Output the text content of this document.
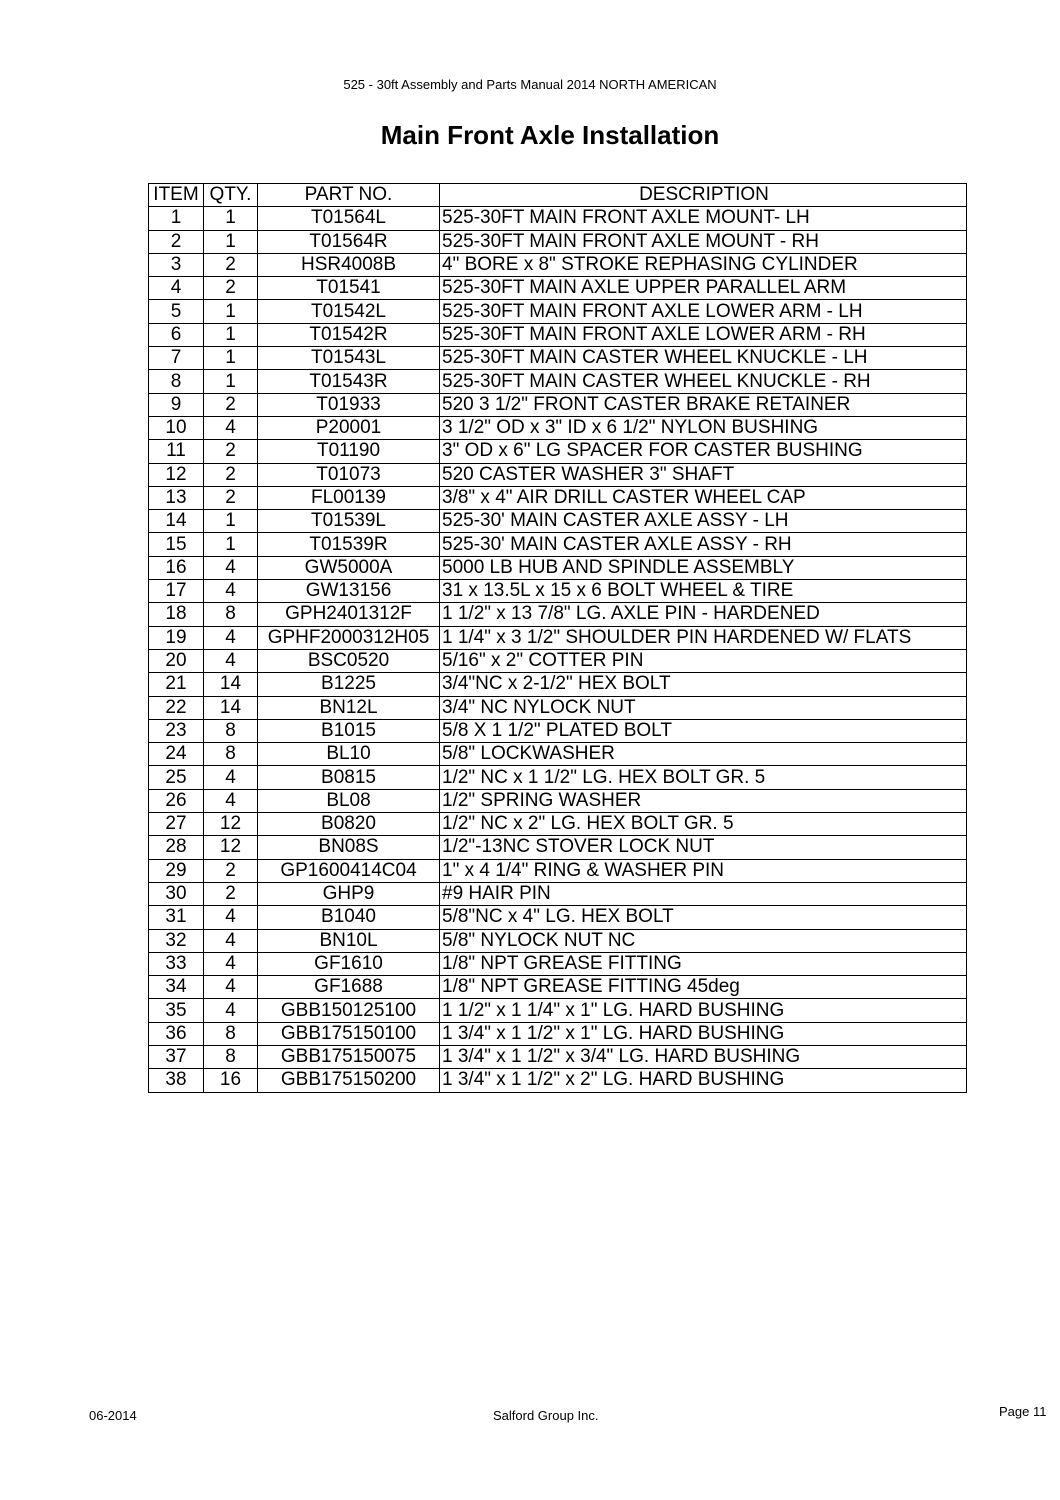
525 - 30ft Assembly and Parts Manual 2014 NORTH AMERICAN
Main Front Axle Installation
ITEM	QTY.	PART NO.	DESCRIPTION
1	1	T01564L	525-30FT MAIN FRONT AXLE MOUNT- LH
2	1	T01564R	525-30FT MAIN FRONT AXLE MOUNT - RH
3	2	HSR4008B	4" BORE x 8" STROKE REPHASING CYLINDER
4	2	T01541	525-30FT MAIN AXLE UPPER PARALLEL ARM
5	1	T01542L	525-30FT MAIN FRONT AXLE LOWER ARM - LH
6	1	T01542R	525-30FT MAIN FRONT AXLE LOWER ARM - RH
7	1	T01543L	525-30FT MAIN CASTER WHEEL KNUCKLE - LH
8	1	T01543R	525-30FT MAIN CASTER WHEEL KNUCKLE - RH
9	2	T01933	520 3 1/2" FRONT CASTER BRAKE RETAINER
10	4	P20001	3 1/2" OD x 3" ID x 6 1/2" NYLON BUSHING
11	2	T01190	3" OD x 6" LG SPACER FOR CASTER BUSHING
12	2	T01073	520 CASTER WASHER 3" SHAFT
13	2	FL00139	3/8" x 4" AIR DRILL CASTER WHEEL CAP
14	1	T01539L	525-30' MAIN CASTER AXLE ASSY - LH
15	1	T01539R	525-30' MAIN CASTER AXLE ASSY - RH
16	4	GW5000A	5000 LB HUB AND SPINDLE ASSEMBLY
17	4	GW13156	31 x 13.5L x 15 x 6 BOLT WHEEL & TIRE
18	8	GPH2401312F	1 1/2" x 13 7/8" LG. AXLE PIN - HARDENED
19	4	GPHF2000312H05	1 1/4" x 3 1/2" SHOULDER PIN HARDENED W/ FLATS
20	4	BSC0520	5/16" x 2" COTTER PIN
21	14	B1225	3/4"NC x 2-1/2" HEX BOLT
22	14	BN12L	3/4" NC NYLOCK NUT
23	8	B1015	5/8 X 1 1/2" PLATED BOLT
24	8	BL10	5/8" LOCKWASHER
25	4	B0815	1/2" NC x 1 1/2" LG. HEX BOLT GR. 5
26	4	BL08	1/2" SPRING WASHER
27	12	B0820	1/2" NC x 2" LG. HEX BOLT GR. 5
28	12	BN08S	1/2"-13NC STOVER LOCK NUT
29	2	GP1600414C04	1" x 4 1/4" RING & WASHER PIN
30	2	GHP9	#9 HAIR PIN
31	4	B1040	5/8"NC x 4" LG. HEX BOLT
32	4	BN10L	5/8" NYLOCK NUT NC
33	4	GF1610	1/8" NPT GREASE FITTING
34	4	GF1688	1/8" NPT GREASE FITTING 45deg
35	4	GBB150125100	1 1/2" x 1 1/4" x 1" LG. HARD BUSHING
36	8	GBB175150100	1 3/4" x 1 1/2" x 1" LG. HARD BUSHING
37	8	GBB175150075	1 3/4" x 1 1/2" x 3/4" LG. HARD BUSHING
38	16	GBB175150200	1 3/4" x 1 1/2" x 2" LG. HARD BUSHING
06-2014	Salford Group Inc.	Page 11
